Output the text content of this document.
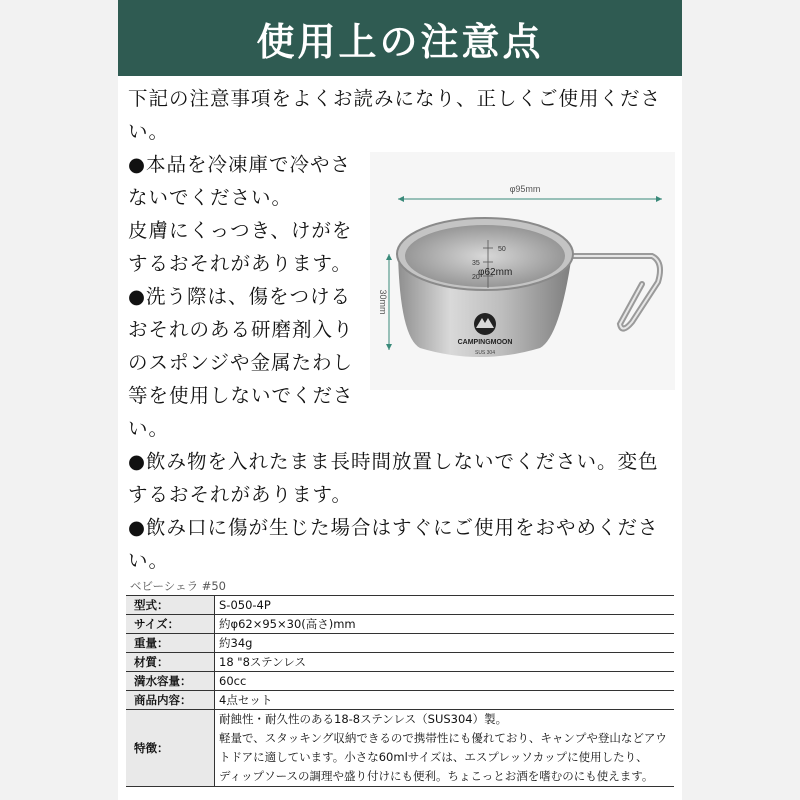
使用上の注意点

下記の注意事項をよくお読みになり、正しくご使用ください。

●本品を冷凍庫で冷やさないでください。

皮膚にくっつき、けがをするおそれがあります。

●洗う際は、傷をつけるおそれのある研磨剤入りのスポンジや金属たわし等を使用しないでください。

●飲み物を入れたまま長時間放置しないでください。変色するおそれがあります。

●飲み口に傷が生じた場合はすぐにご使用をおやめください。

φ95mm
30mm
50
35
20
φ62mm
CAMPINGMOON
SUS 304
ベビーシェラ #50
型式：	S-050-4P
サイズ：	約φ62×95×30(高さ)mm
重量：	約34g
材質：	18 "8ステンレス
満水容量：	60cc
商品内容：	4点セット
特徴：	耐蝕性・耐久性のある18-8ステンレス（SUS304）製。
軽量で、スタッキング収納できるので携帯性にも優れており、キャンプや登山などアウ
トドアに適しています。小さな60mlサイズは、エスプレッソカップに使用したり、
ディップソースの調理や盛り付けにも便利。ちょこっとお酒を嗜むのにも使えます。
